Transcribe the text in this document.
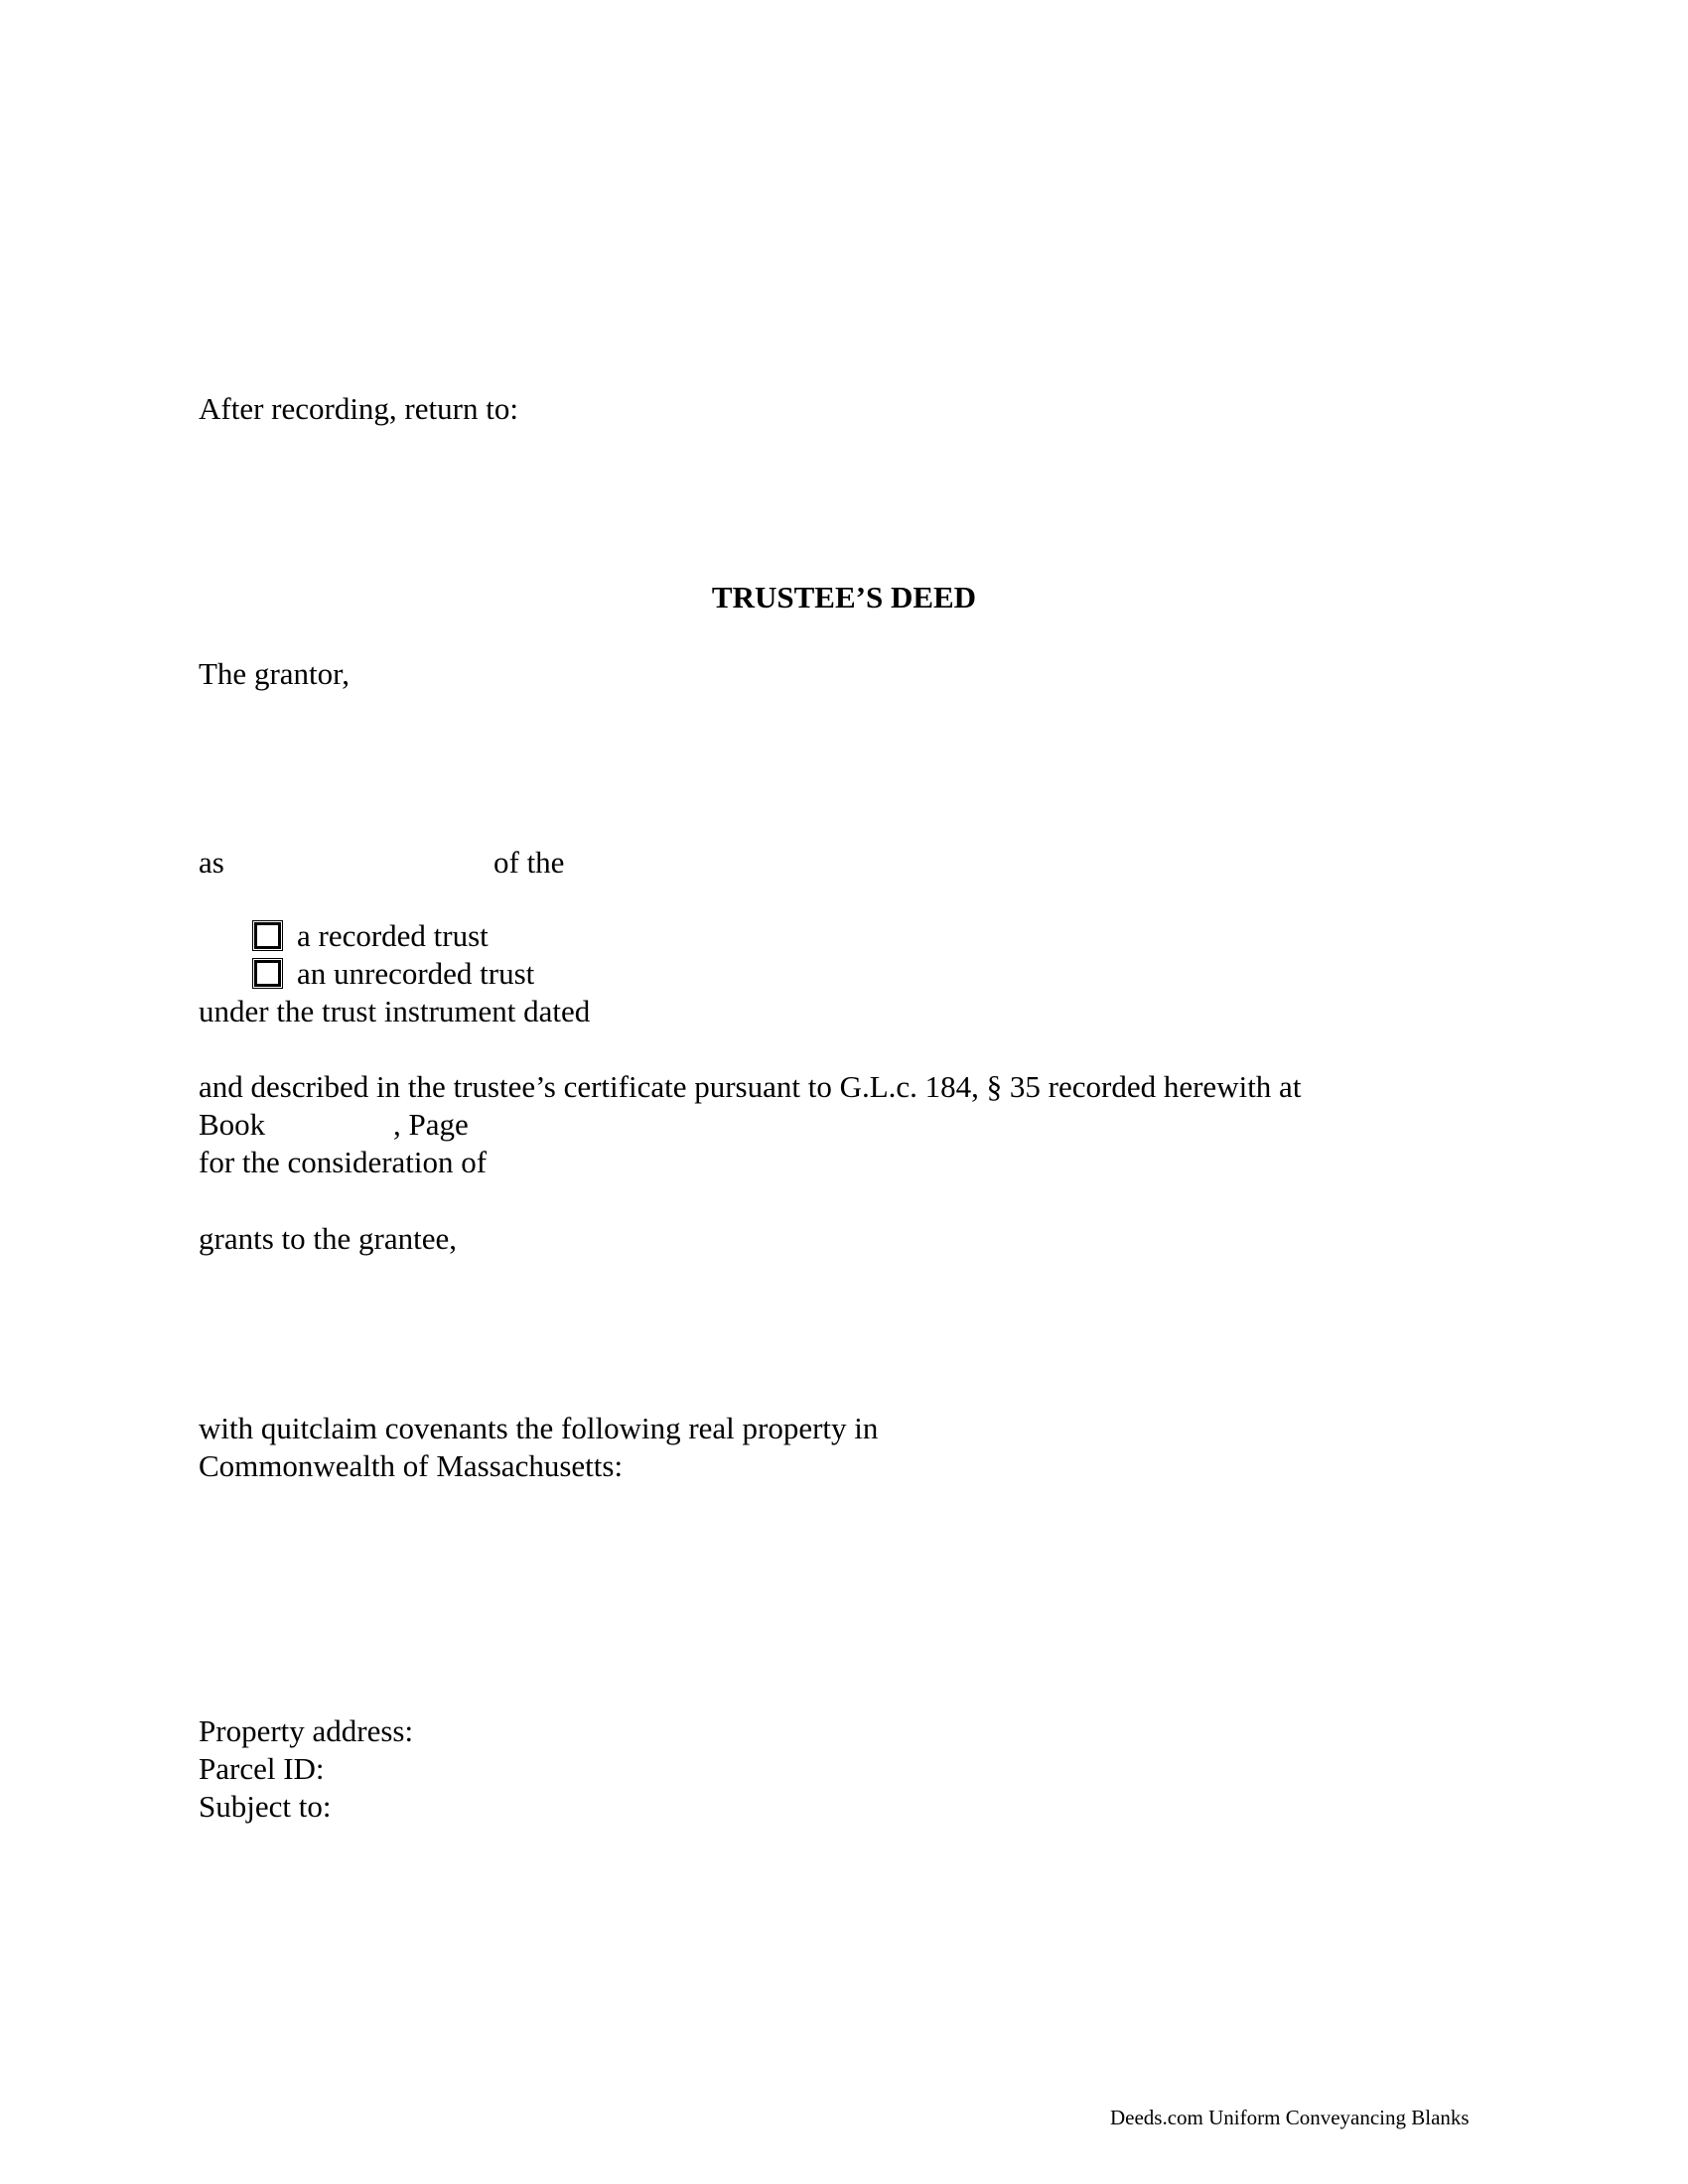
After recording, return to:

TRUSTEE’S DEED

The grantor,

as	of the

a recorded trust

an unrecorded trust

under the trust instrument dated

and described in the trustee’s certificate pursuant to G.L.c. 184, § 35 recorded herewith at

Book	, Page

for the consideration of

grants to the grantee,

with quitclaim covenants the following real property in

Commonwealth of Massachusetts:

Property address:

Parcel ID:

Subject to:

Deeds.com Uniform Conveyancing Blanks
